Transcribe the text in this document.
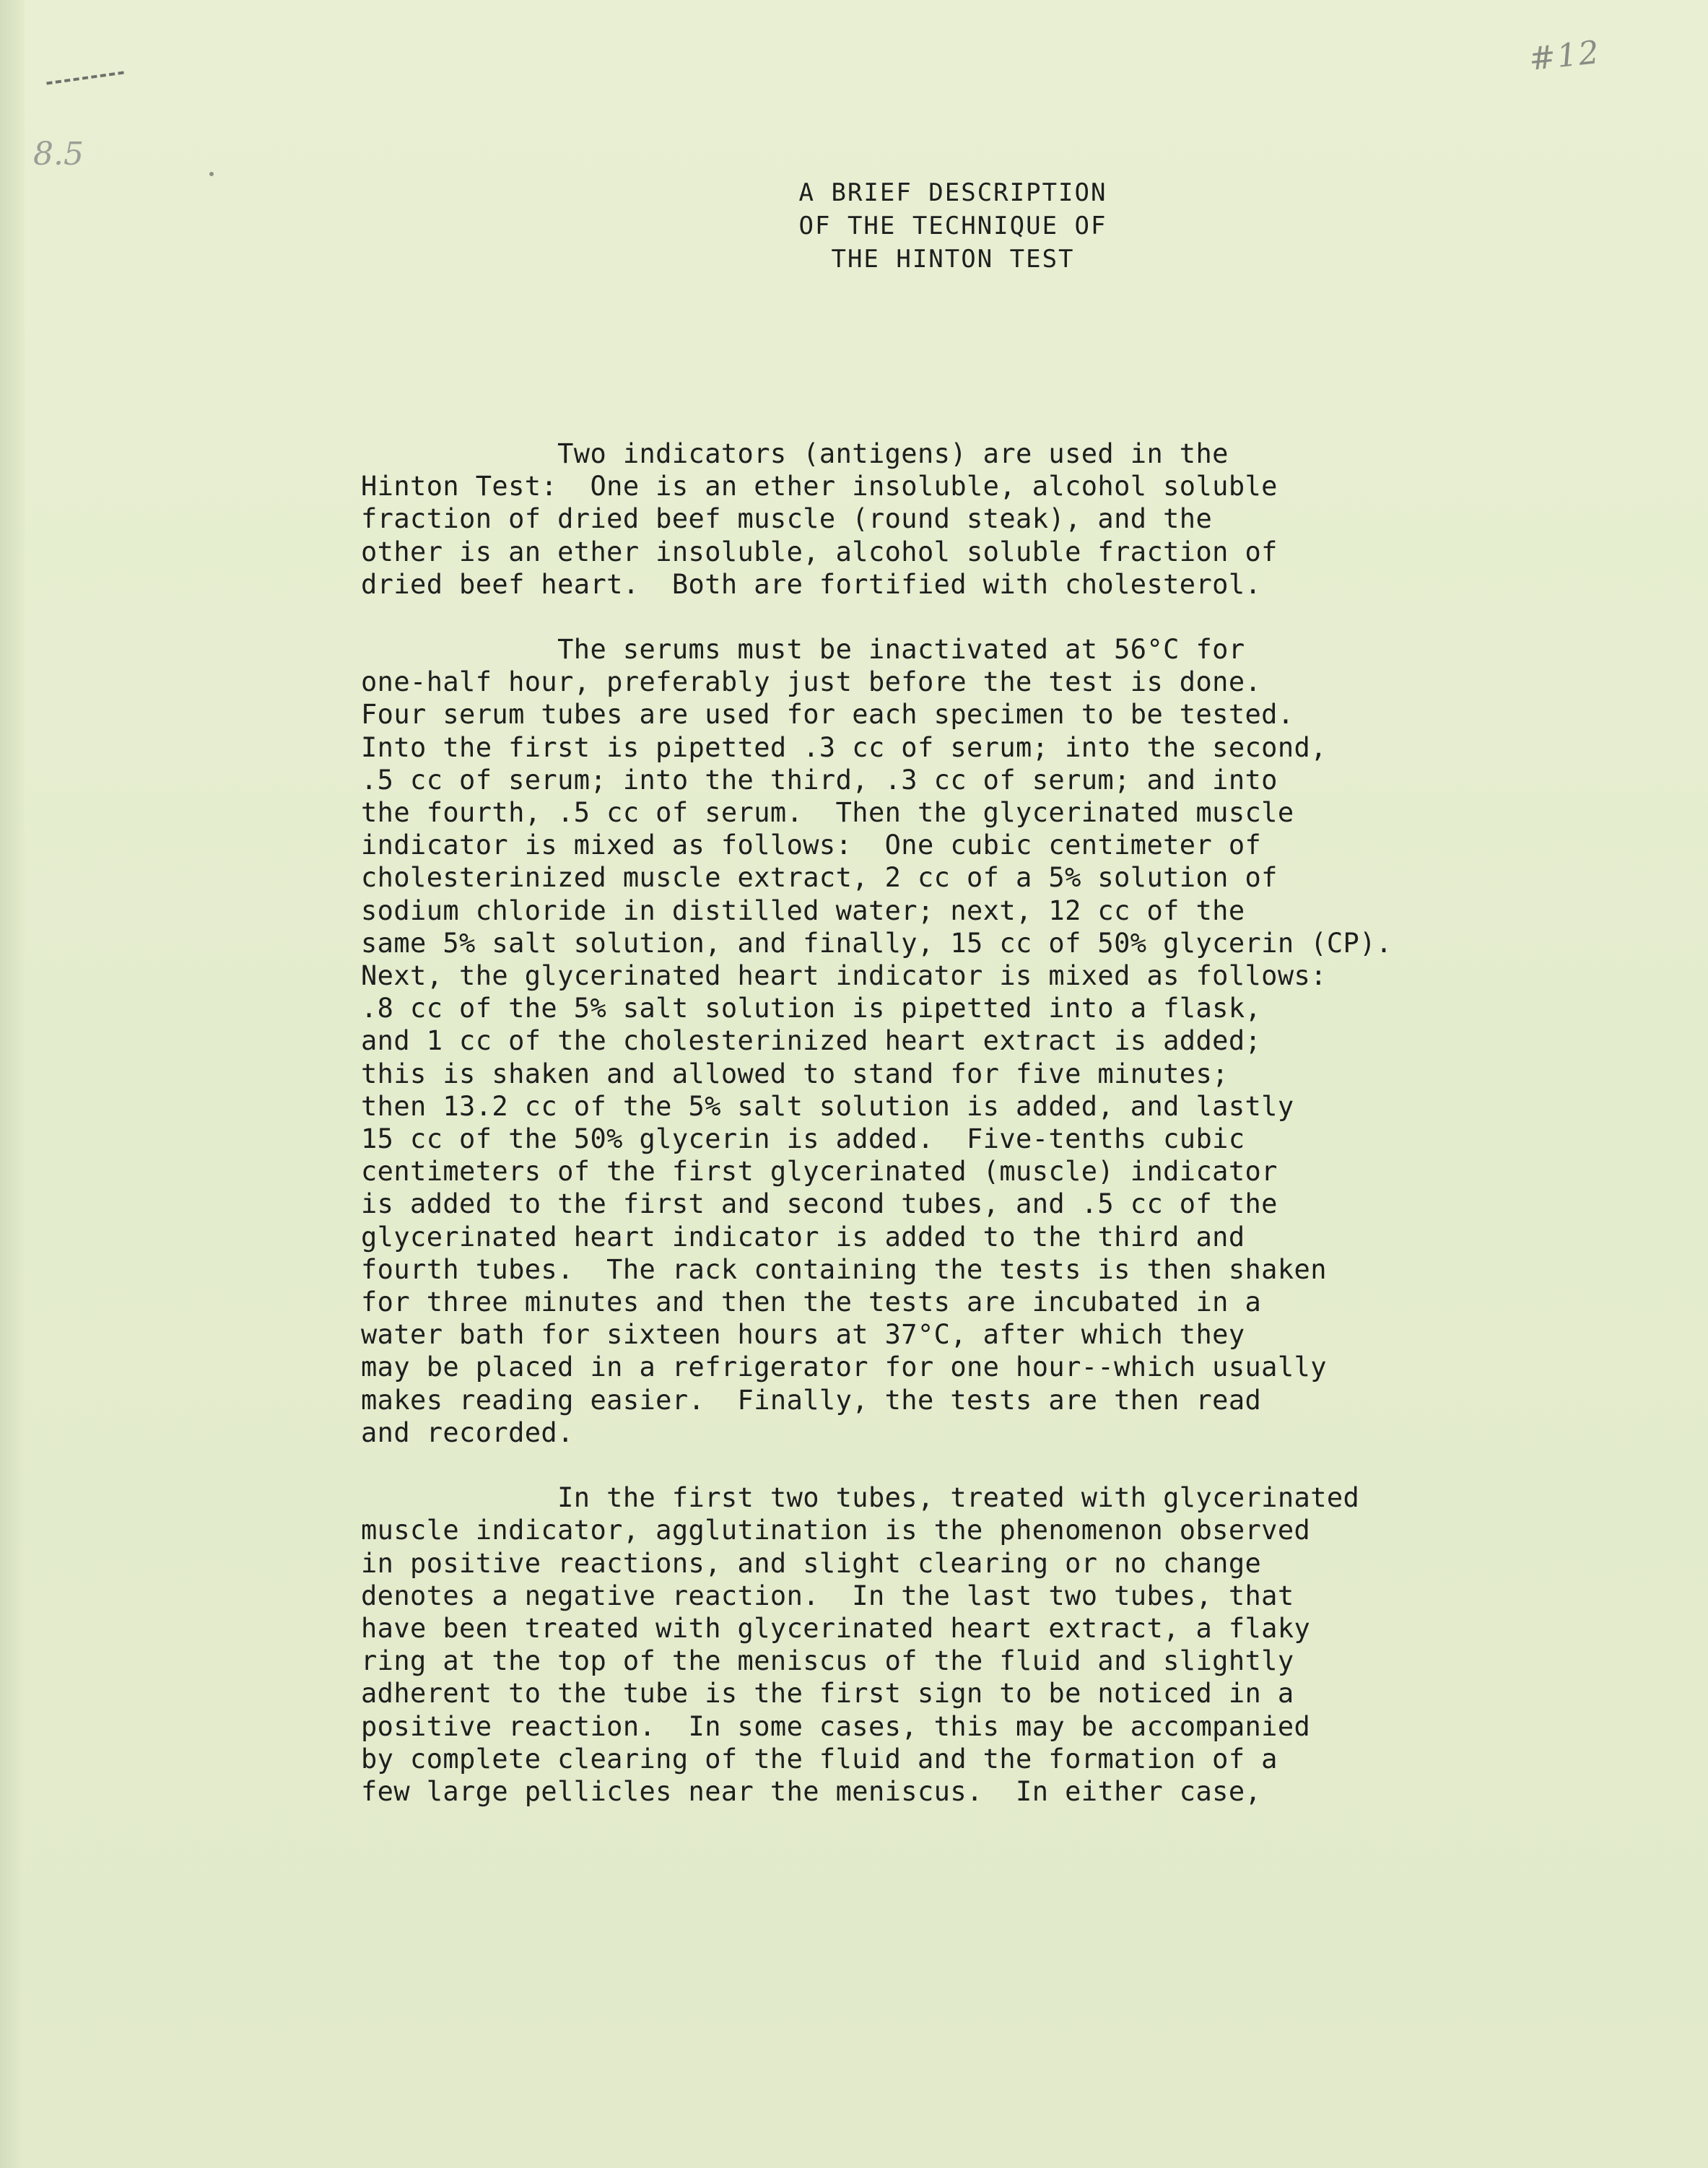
#12
8.5
A BRIEF DESCRIPTION
OF THE TECHNIQUE OF
THE HINTON TEST
Two indicators (antigens) are used in the
Hinton Test:  One is an ether insoluble, alcohol soluble
fraction of dried beef muscle (round steak), and the
other is an ether insoluble, alcohol soluble fraction of
dried beef heart.  Both are fortified with cholesterol.
The serums must be inactivated at 56°C for
one-half hour, preferably just before the test is done.
Four serum tubes are used for each specimen to be tested.
Into the first is pipetted .3 cc of serum; into the second,
.5 cc of serum; into the third, .3 cc of serum; and into
the fourth, .5 cc of serum.  Then the glycerinated muscle
indicator is mixed as follows:  One cubic centimeter of
cholesterinized muscle extract, 2 cc of a 5% solution of
sodium chloride in distilled water; next, 12 cc of the
same 5% salt solution, and finally, 15 cc of 50% glycerin (CP).
Next, the glycerinated heart indicator is mixed as follows:
.8 cc of the 5% salt solution is pipetted into a flask,
and 1 cc of the cholesterinized heart extract is added;
this is shaken and allowed to stand for five minutes;
then 13.2 cc of the 5% salt solution is added, and lastly
15 cc of the 50% glycerin is added.  Five-tenths cubic
centimeters of the first glycerinated (muscle) indicator
is added to the first and second tubes, and .5 cc of the
glycerinated heart indicator is added to the third and
fourth tubes.  The rack containing the tests is then shaken
for three minutes and then the tests are incubated in a
water bath for sixteen hours at 37°C, after which they
may be placed in a refrigerator for one hour--which usually
makes reading easier.  Finally, the tests are then read
and recorded.
In the first two tubes, treated with glycerinated
muscle indicator, agglutination is the phenomenon observed
in positive reactions, and slight clearing or no change
denotes a negative reaction.  In the last two tubes, that
have been treated with glycerinated heart extract, a flaky
ring at the top of the meniscus of the fluid and slightly
adherent to the tube is the first sign to be noticed in a
positive reaction.  In some cases, this may be accompanied
by complete clearing of the fluid and the formation of a
few large pellicles near the meniscus.  In either case,
